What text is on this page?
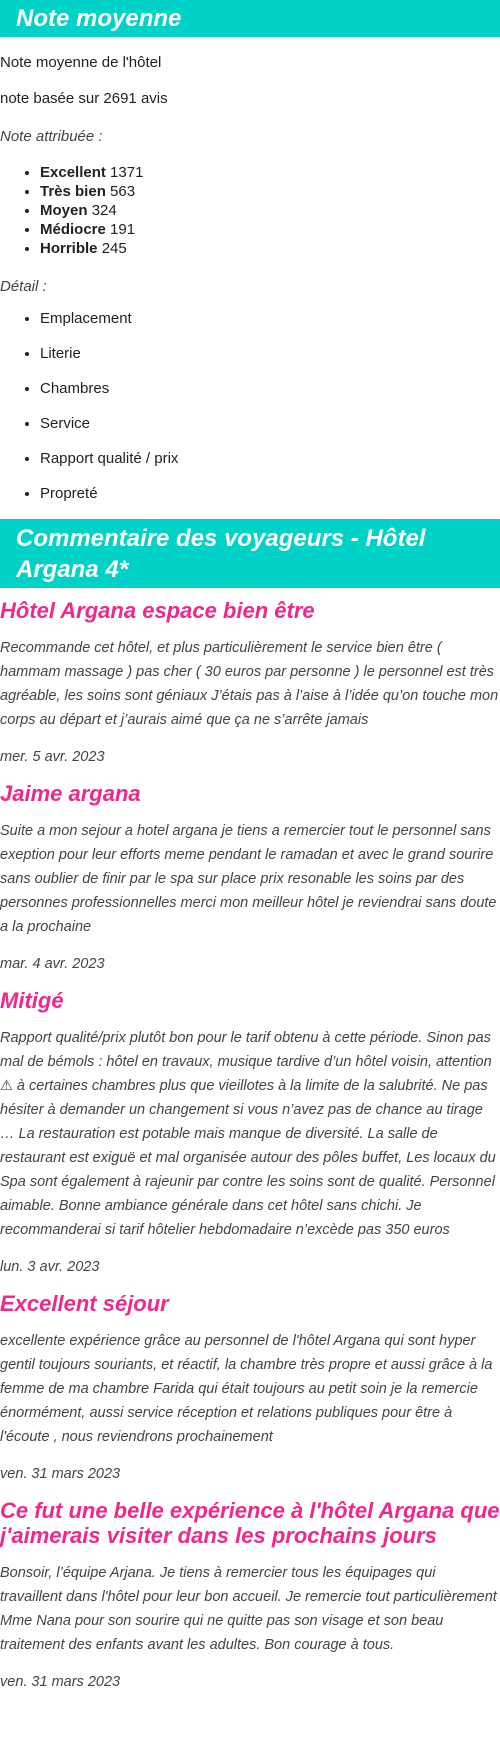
Note moyenne

Note moyenne de l'hôtel

note basée sur 2691 avis

Note attribuée :
• Excellent 1371
• Très bien 563
• Moyen 324
• Médiocre 191
• Horrible 245
Détail :
• Emplacement
• Literie
• Chambres
• Service
• Rapport qualité / prix
• Propreté
Commentaire des voyageurs - Hôtel Argana 4*
Hôtel Argana espace bien être

Recommande cet hôtel, et plus particulièrement le service bien être ( hammam massage ) pas cher ( 30 euros par personne ) le personnel est très agréable, les soins sont géniaux J’étais pas à l’aise à l’idée qu’on touche mon corps au départ et j’aurais aimé que ça ne s’arrête jamais

mer. 5 avr. 2023

Jaime argana

Suite a mon sejour a hotel argana je tiens a remercier tout le personnel sans exeption pour leur efforts meme pendant le ramadan et avec le grand sourire sans oublier de finir par le spa sur place prix resonable les soins par des personnes professionnelles merci mon meilleur hôtel je reviendrai sans doute a la prochaine

mar. 4 avr. 2023

Mitigé

Rapport qualité/prix plutôt bon pour le tarif obtenu à cette période. Sinon pas mal de bémols : hôtel en travaux, musique tardive d’un hôtel voisin, attention ⚠ à certaines chambres plus que vieillotes à la limite de la salubrité. Ne pas hésiter à demander un changement si vous n’avez pas de chance au tirage … La restauration est potable mais manque de diversité. La salle de restaurant est exiguë et mal organisée autour des pôles buffet, Les locaux du Spa sont également à rajeunir par contre les soins sont de qualité. Personnel aimable. Bonne ambiance générale dans cet hôtel sans chichi. Je recommanderai si tarif hôtelier hebdomadaire n’excède pas 350 euros

lun. 3 avr. 2023

Excellent séjour

excellente expérience grâce au personnel de l'hôtel Argana qui sont hyper gentil toujours souriants, et réactif, la chambre très propre et aussi grâce à la femme de ma chambre Farida qui était toujours au petit soin je la remercie énormément, aussi service réception et relations publiques pour être à l'écoute , nous reviendrons prochainement

ven. 31 mars 2023

Ce fut une belle expérience à l'hôtel Argana que j'aimerais visiter dans les prochains jours

Bonsoir, l’équipe Arjana. Je tiens à remercier tous les équipages qui travaillent dans l'hôtel pour leur bon accueil. Je remercie tout particulièrement Mme Nana pour son sourire qui ne quitte pas son visage et son beau traitement des enfants avant les adultes. Bon courage à tous.

ven. 31 mars 2023
